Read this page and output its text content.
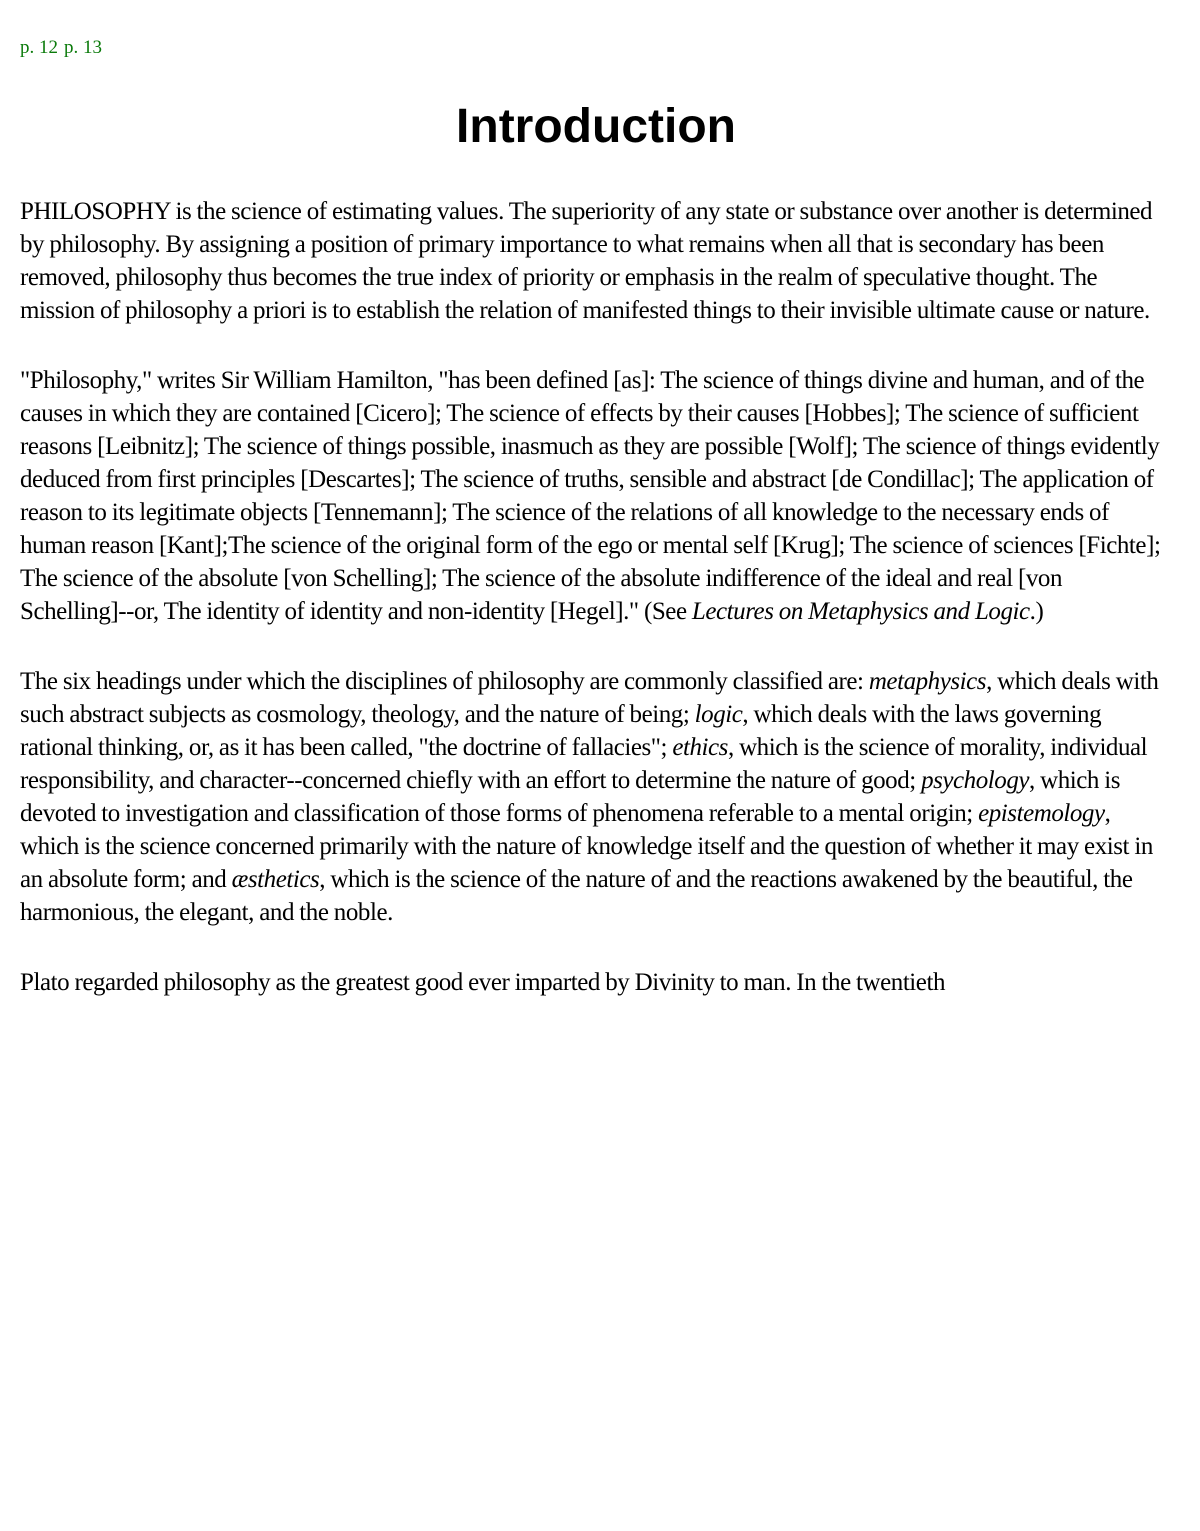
p. 12 p. 13
Introduction

PHILOSOPHY is the science of estimating values. The superiority of any state or substance over another is determined by philosophy. By assigning a position of primary importance to what remains when all that is secondary has been removed, philosophy thus becomes the true index of priority or emphasis in the realm of speculative thought. The mission of philosophy a priori is to establish the relation of manifested things to their invisible ultimate cause or nature.

"Philosophy," writes Sir William Hamilton, "has been defined [as]: The science of things divine and human, and of the causes in which they are contained [Cicero]; The science of effects by their causes [Hobbes]; The science of sufficient reasons [Leibnitz]; The science of things possible, inasmuch as they are possible [Wolf]; The science of things evidently deduced from first principles [Descartes]; The science of truths, sensible and abstract [de Condillac]; The application of reason to its legitimate objects [Tennemann]; The science of the relations of all knowledge to the necessary ends of human reason [Kant];The science of the original form of the ego or mental self [Krug]; The science of sciences [Fichte]; The science of the absolute [von Schelling]; The science of the absolute indifference of the ideal and real [von Schelling]--or, The identity of identity and non-identity [Hegel]." (See Lectures on Metaphysics and Logic.)

The six headings under which the disciplines of philosophy are commonly classified are: metaphysics, which deals with such abstract subjects as cosmology, theology, and the nature of being; logic, which deals with the laws governing rational thinking, or, as it has been called, "the doctrine of fallacies"; ethics, which is the science of morality, individual responsibility, and character--concerned chiefly with an effort to determine the nature of good; psychology, which is devoted to investigation and classification of those forms of phenomena referable to a mental origin; epistemology, which is the science concerned primarily with the nature of knowledge itself and the question of whether it may exist in an absolute form; and æsthetics, which is the science of the nature of and the reactions awakened by the beautiful, the harmonious, the elegant, and the noble.

Plato regarded philosophy as the greatest good ever imparted by Divinity to man. In the twentieth
